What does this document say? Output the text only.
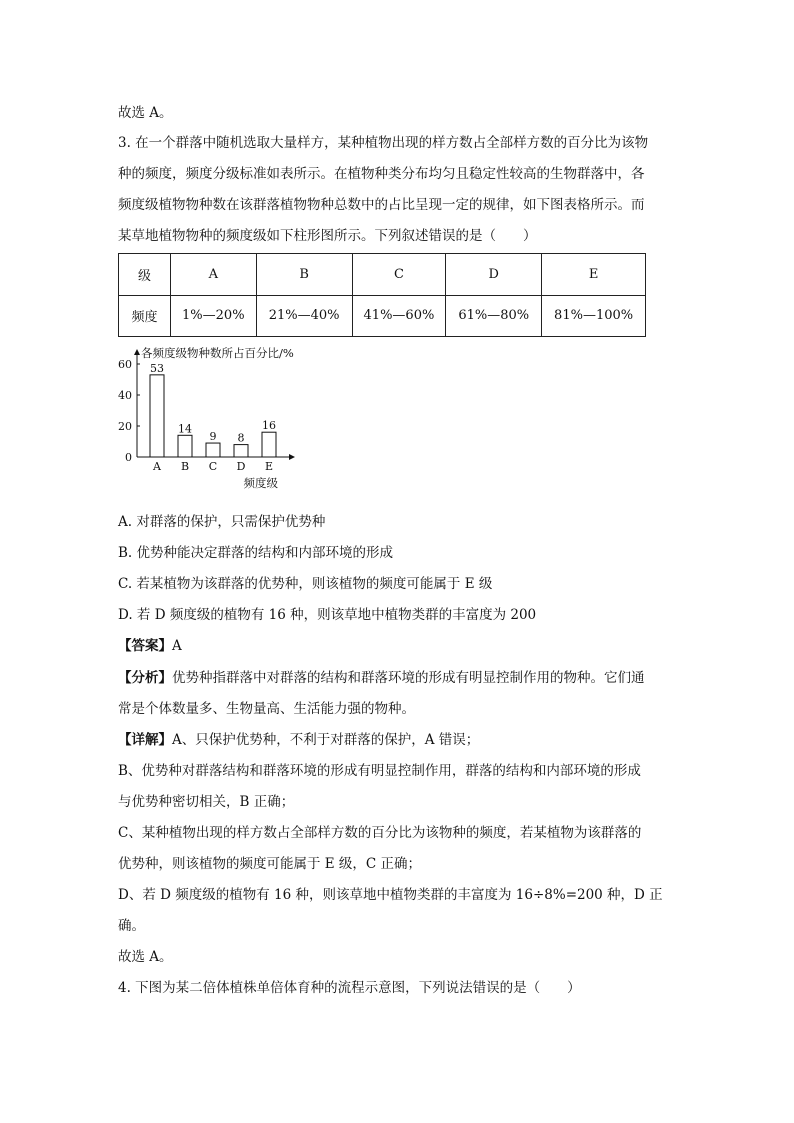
故选 A。
3. 在一个群落中随机选取大量样方，某种植物出现的样方数占全部样方数的百分比为该物
种的频度，频度分级标准如表所示。在植物种类分布均匀且稳定性较高的生物群落中，各
频度级植物物种数在该群落植物物种总数中的占比呈现一定的规律，如下图表格所示。而
某草地植物物种的频度级如下柱形图所示。下列叙述错误的是（　　）
级	A	B	C	D	E
频度	1%—20%	21%—40%	41%—60%	61%—80%	81%—100%
各频度级物种数所占百分比/%
频度级
0
20
40
60 53
A
14
B
9
C
8
D
16
E
A. 对群落的保护，只需保护优势种
B. 优势种能决定群落的结构和内部环境的形成
C. 若某植物为该群落的优势种，则该植物的频度可能属于 E 级
D. 若 D 频度级的植物有 16 种，则该草地中植物类群的丰富度为 200
【答案】A
【分析】优势种指群落中对群落的结构和群落环境的形成有明显控制作用的物种。它们通
常是个体数量多、生物量高、生活能力强的物种。
【详解】A、只保护优势种，不利于对群落的保护，A 错误；
B、优势种对群落结构和群落环境的形成有明显控制作用，群落的结构和内部环境的形成
与优势种密切相关，B 正确；
C、某种植物出现的样方数占全部样方数的百分比为该物种的频度，若某植物为该群落的
优势种，则该植物的频度可能属于 E 级，C 正确；
D、若 D 频度级的植物有 16 种，则该草地中植物类群的丰富度为 16÷8%=200 种，D 正
确。
故选 A。
4. 下图为某二倍体植株单倍体育种的流程示意图，下列说法错误的是（　　）
